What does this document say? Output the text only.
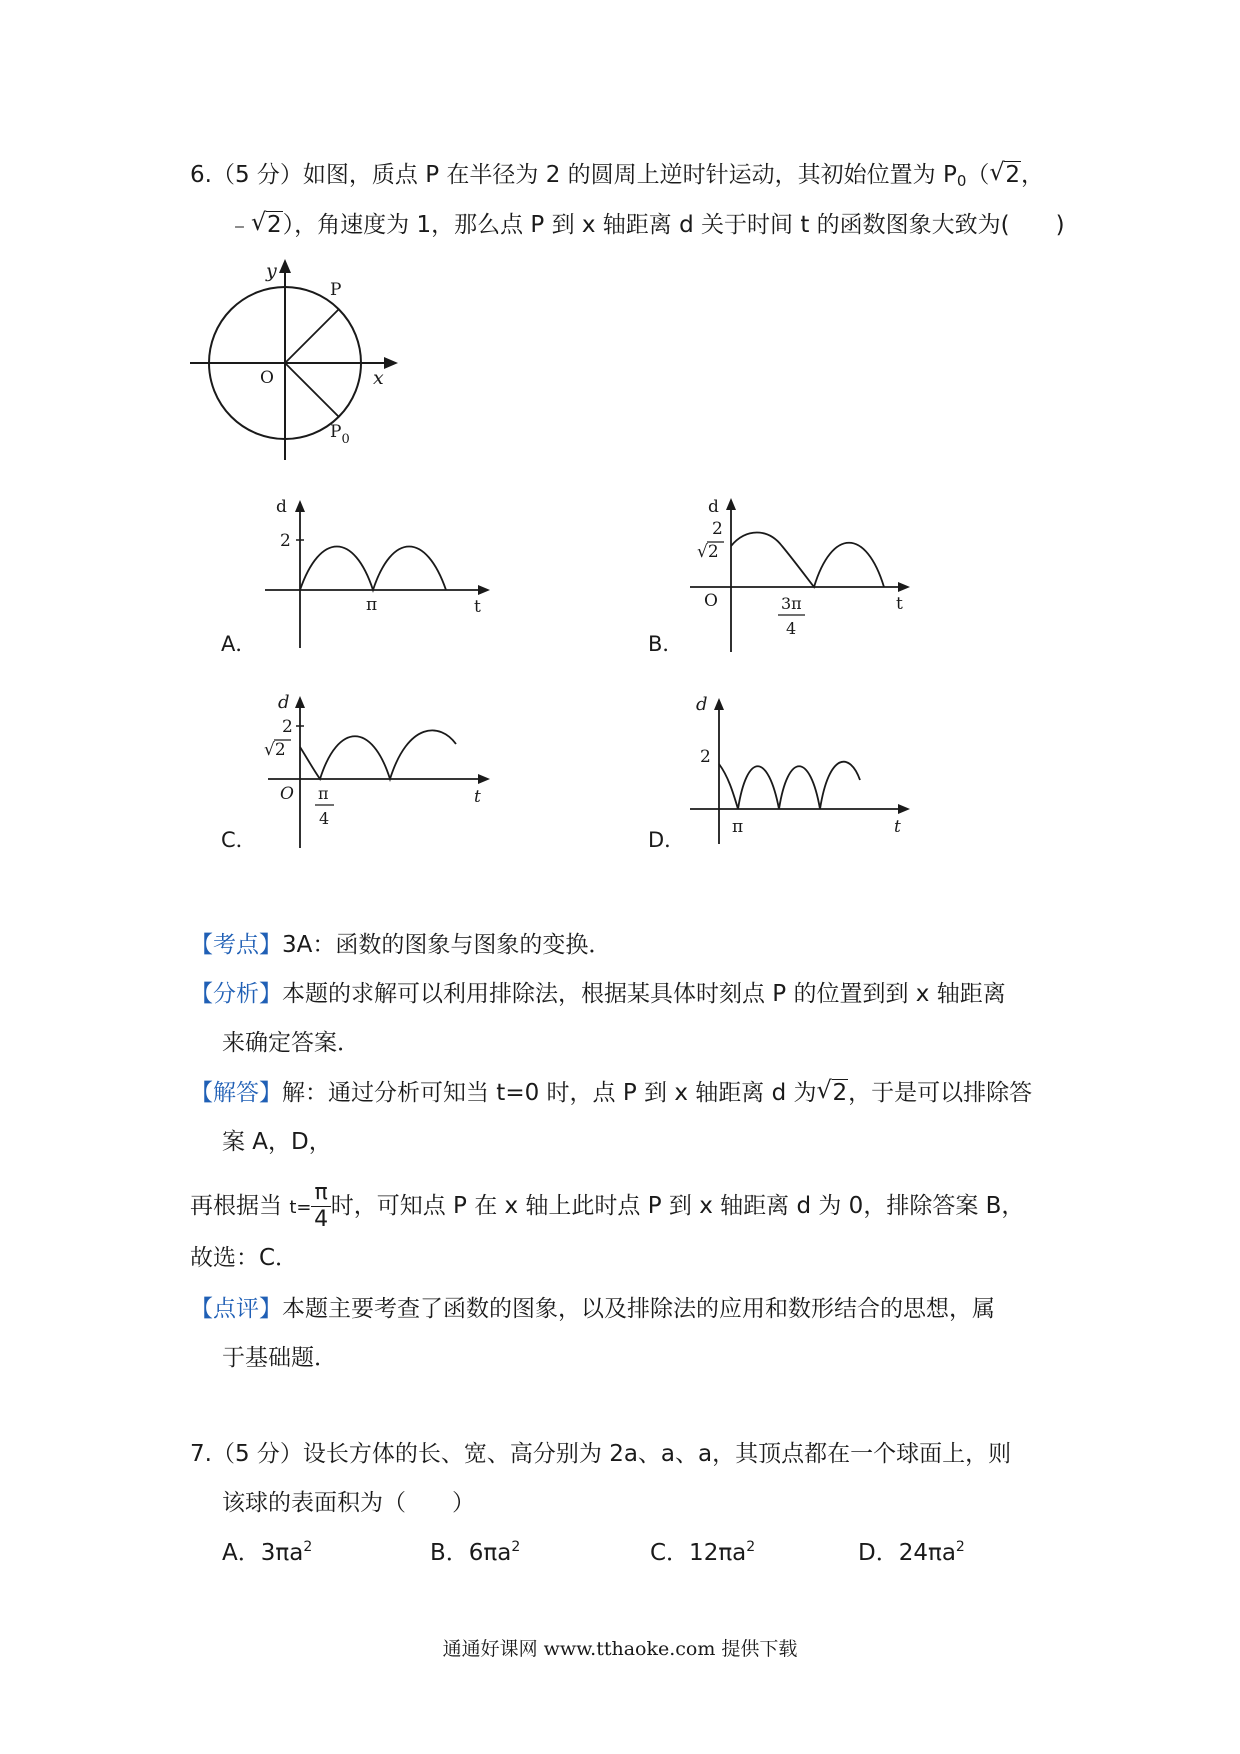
6.（5 分）如图，质点 P 在半径为 2 的圆周上逆时针运动，其初始位置为 $P_0$（ √ 2，
﹣ √ 2），角速度为 1，那么点 P 到 x 轴距离 d 关于时间 t 的函数图象大致为(　　)
y
P
O	x
$P_0$
d
2
π	t
A．
d
2
√2
O	3π
4
t
B．
d
2
√2
O π
4
t
C．
d
2
π	t
D．
【考点】3A：函数的图象与图象的变换．
【分析】本题的求解可以利用排除法，根据某具体时刻点 P 的位置到到 x 轴距离
来确定答案．
【解答】解：通过分析可知当 t=0 时，点 P 到 x 轴距离 d 为 √ 2，于是可以排除答
案 A，D，
再根据当 $t= \frac{\pi}{4}$ 时，可知点 P 在 x 轴上此时点 P 到 x 轴距离 d 为 0，排除答案 B，
故选：C．
【点评】本题主要考查了函数的图象，以及排除法的应用和数形结合的思想，属
于基础题．
7.（5 分）设长方体的长、宽、高分别为 2a、a、a，其顶点都在一个球面上，则
该球的表面积为（　　）
A．$3\pi a^2$	B．$6\pi a^2$	C．$12\pi a^2$	D．$24\pi a^2$
通通好课网 www.tthaoke.com 提供下载
